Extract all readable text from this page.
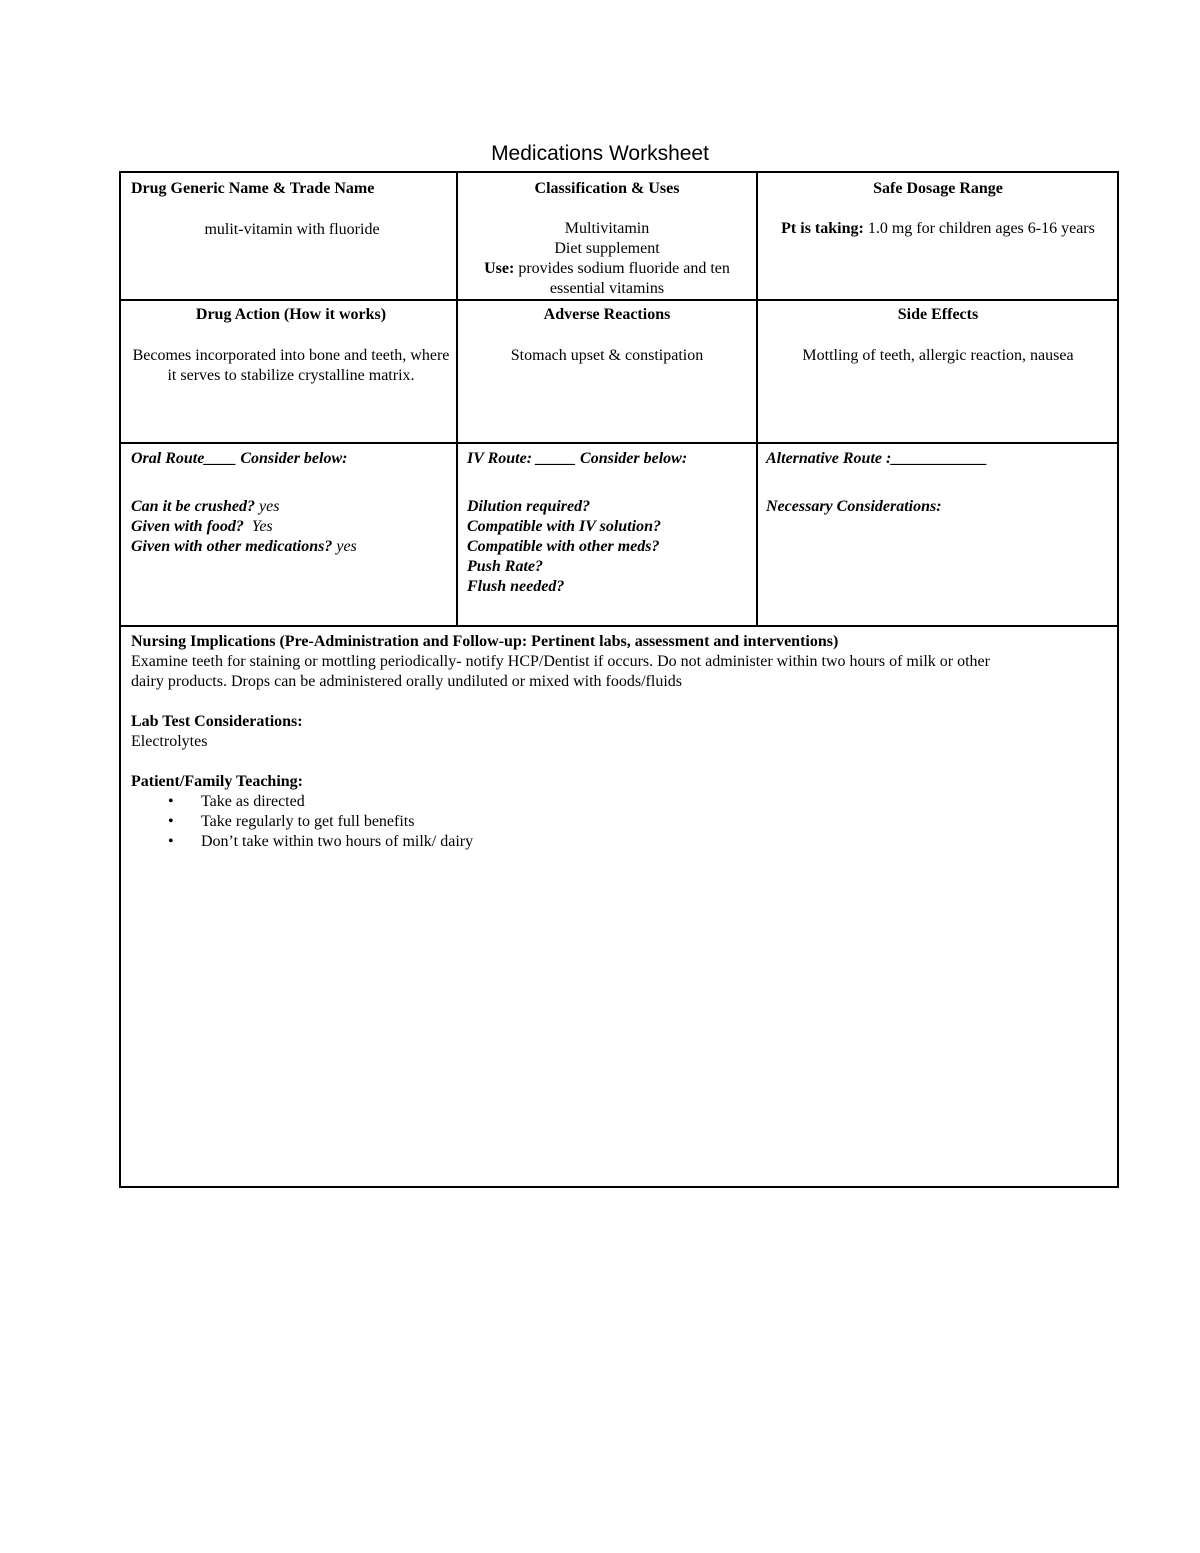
Medications Worksheet
Drug Generic Name & Trade Name
mulit-vitamin with fluoride
Classification & Uses
Multivitamin
Diet supplement
Use: provides sodium fluoride and ten essential vitamins
Safe Dosage Range
Pt is taking: 1.0 mg for children ages 6-16 years
Drug Action (How it works)
Becomes incorporated into bone and teeth, where it serves to stabilize crystalline matrix.
Adverse Reactions
Stomach upset & constipation
Side Effects
Mottling of teeth, allergic reaction, nausea
Oral Route____ Consider below:
Can it be crushed? yes
Given with food?  Yes
Given with other medications? yes
IV Route: _____ Consider below:
Dilution required?
Compatible with IV solution?
Compatible with other meds?
Push Rate?
Flush needed?
Alternative Route :____________
Necessary Considerations:
Nursing Implications (Pre-Administration and Follow-up: Pertinent labs, assessment and interventions)
Examine teeth for staining or mottling periodically- notify HCP/Dentist if occurs. Do not administer within two hours of milk or other
dairy products. Drops can be administered orally undiluted or mixed with foods/fluids
Lab Test Considerations:
Electrolytes
Patient/Family Teaching:
• Take as directed
• Take regularly to get full benefits
• Don’t take within two hours of milk/ dairy
